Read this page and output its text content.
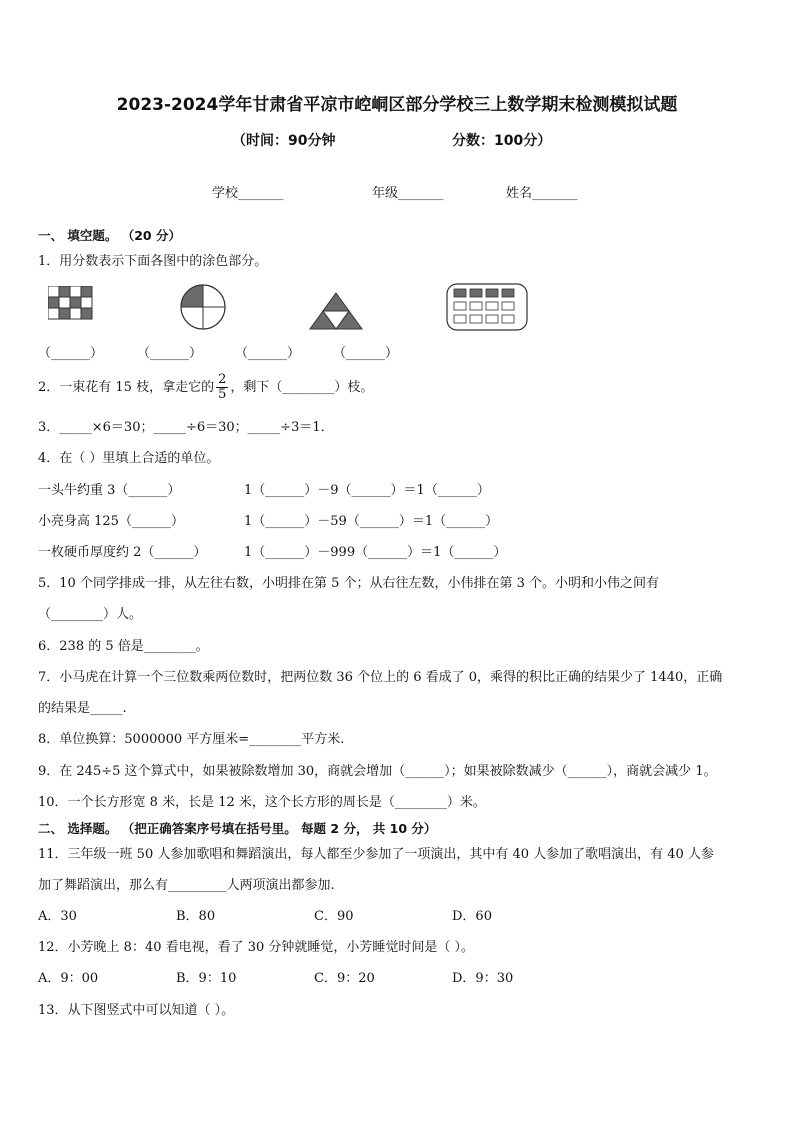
2023-2024学年甘肃省平凉市崆峒区部分学校三上数学期末检测模拟试题
（时间：90分钟	分数：100分）
学校_______	年级_______	姓名_______
一、 填空题。 （20 分）
1．用分数表示下面各图中的涂色部分。
（______）	（______）	（______）	（______）
2．一束花有 15 枝，拿走它的 $\frac{2}{5}$ ，剩下（________）枝。
3．_____×6＝30；_____÷6＝30；_____÷3＝1．
4．在（ ）里填上合适的单位。
一头牛约重 3（______）	1（______）－9（______）＝1（______）
小亮身高 125（______）	1（______）－59（______）＝1（______）
一枚硬币厚度约 2（______）	1（______）－999（______）＝1（______）
5．10 个同学排成一排，从左往右数，小明排在第 5 个；从右往左数，小伟排在第 3 个。小明和小伟之间有
（________）人。
6．238 的 5 倍是________。
7．小马虎在计算一个三位数乘两位数时，把两位数 36 个位上的 6 看成了 0，乘得的积比正确的结果少了 1440，正确
的结果是_____.
8．单位换算：5000000 平方厘米=________平方米.
9．在 245÷5 这个算式中，如果被除数增加 30，商就会增加（______）；如果被除数减少（______），商就会减少 1。
10．一个长方形宽 8 米，长是 12 米，这个长方形的周长是（________）米。
二、 选择题。 （把正确答案序号填在括号里。 每题 2 分， 共 10 分）
11．三年级一班 50 人参加歌唱和舞蹈演出，每人都至少参加了一项演出，其中有 40 人参加了歌唱演出，有 40 人参
加了舞蹈演出，那么有_________人两项演出都参加.
A．30	B．80	C．90	D．60
12．小芳晚上 8：40 看电视，看了 30 分钟就睡觉，小芳睡觉时间是（ ）。
A．9：00	B．9：10	C．9：20	D．9：30
13．从下图竖式中可以知道（ ）。
